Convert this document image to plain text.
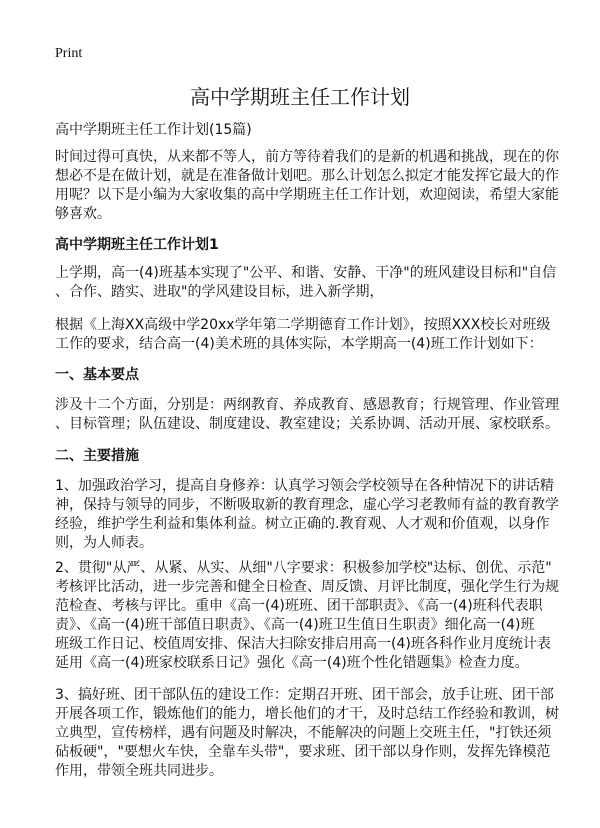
Print
高中学期班主任工作计划
高中学期班主任工作计划(15篇)
时间过得可真快，从来都不等人，前方等待着我们的是新的机遇和挑战，现在的你
想必不是在做计划，就是在准备做计划吧。那么计划怎么拟定才能发挥它最大的作
用呢？以下是小编为大家收集的高中学期班主任工作计划，欢迎阅读，希望大家能
够喜欢。
高中学期班主任工作计划1
上学期，高一(4)班基本实现了"公平、和谐、安静、干净"的班风建设目标和"自信
、合作、踏实、进取"的学风建设目标，进入新学期，
根据《上海XX高级中学20xx学年第二学期德育工作计划》，按照XXX校长对班级
工作的要求，结合高一(4)美术班的具体实际，本学期高一(4)班工作计划如下：
一、基本要点
涉及十二个方面，分别是：两纲教育、养成教育、感恩教育；行规管理、作业管理
、目标管理；队伍建设、制度建设、教室建设；关系协调、活动开展、家校联系。
二、主要措施
1、加强政治学习，提高自身修养：认真学习领会学校领导在各种情况下的讲话精
神，保持与领导的同步，不断吸取新的教育理念，虚心学习老教师有益的教育教学
经验，维护学生利益和集体利益。树立正确的.教育观、人才观和价值观，以身作
则，为人师表。
2、贯彻"从严、从紧、从实、从细"八字要求：积极参加学校"达标、创优、示范"
考核评比活动，进一步完善和健全日检查、周反馈、月评比制度，强化学生行为规
范检查、考核与评比。重申《高一(4)班班、团干部职责》、《高一(4)班科代表职
责》、《高一(4)班干部值日职责》、《高一(4)班卫生值日生职责》细化高一(4)班
班级工作日记、校值周安排、保洁大扫除安排启用高一(4)班各科作业月度统计表
延用《高一(4)班家校联系日记》强化《高一(4)班个性化错题集》检查力度。
3、搞好班、团干部队伍的建设工作：定期召开班、团干部会，放手让班、团干部
开展各项工作，锻炼他们的能力，增长他们的才干，及时总结工作经验和教训，树
立典型，宣传榜样，遇有问题及时解决，不能解决的问题上交班主任，"打铁还须
砧板硬"，"要想火车快，全靠车头带"，要求班、团干部以身作则，发挥先锋模范
作用，带领全班共同进步。
